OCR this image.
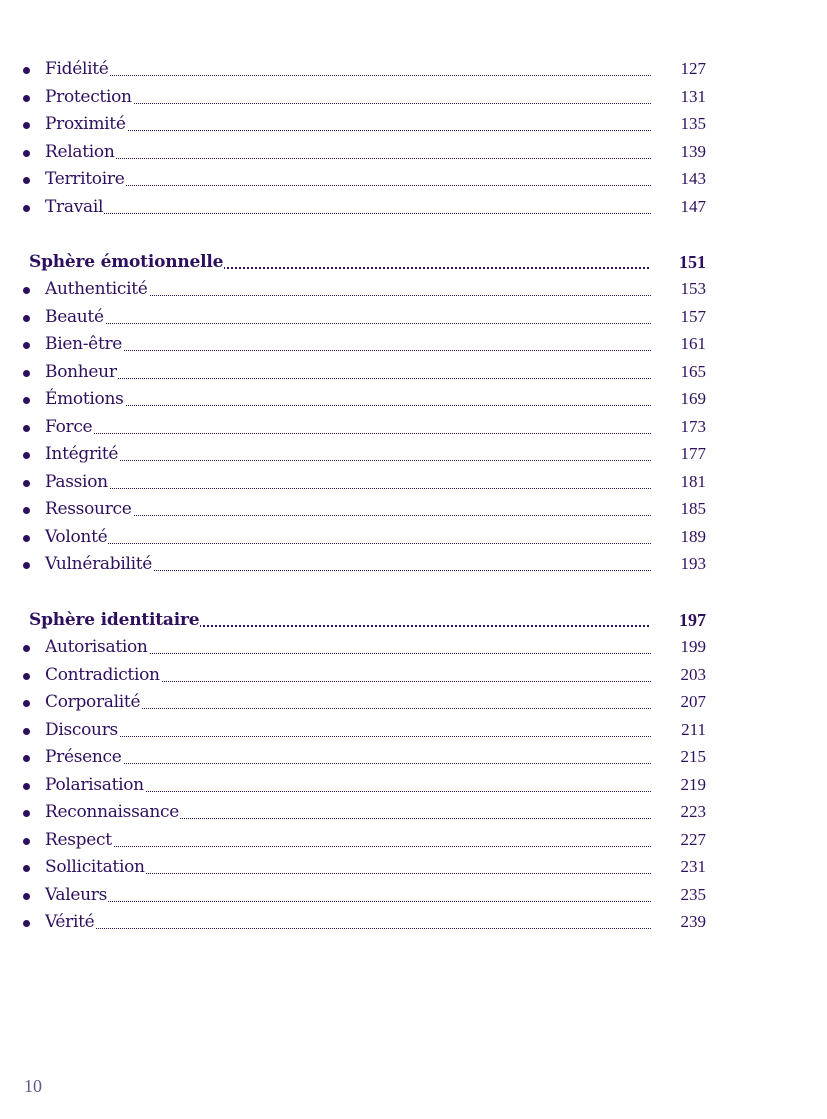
Fidélité	127
Protection	131
Proximité	135
Relation	139
Territoire	143
Travail	147
Sphère émotionnelle	151
Authenticité	153
Beauté	157
Bien-être	161
Bonheur	165
Émotions	169
Force	173
Intégrité	177
Passion	181
Ressource	185
Volonté	189
Vulnérabilité	193
Sphère identitaire	197
Autorisation	199
Contradiction	203
Corporalité	207
Discours	211
Présence	215
Polarisation	219
Reconnaissance	223
Respect	227
Sollicitation	231
Valeurs	235
Vérité	239
10
